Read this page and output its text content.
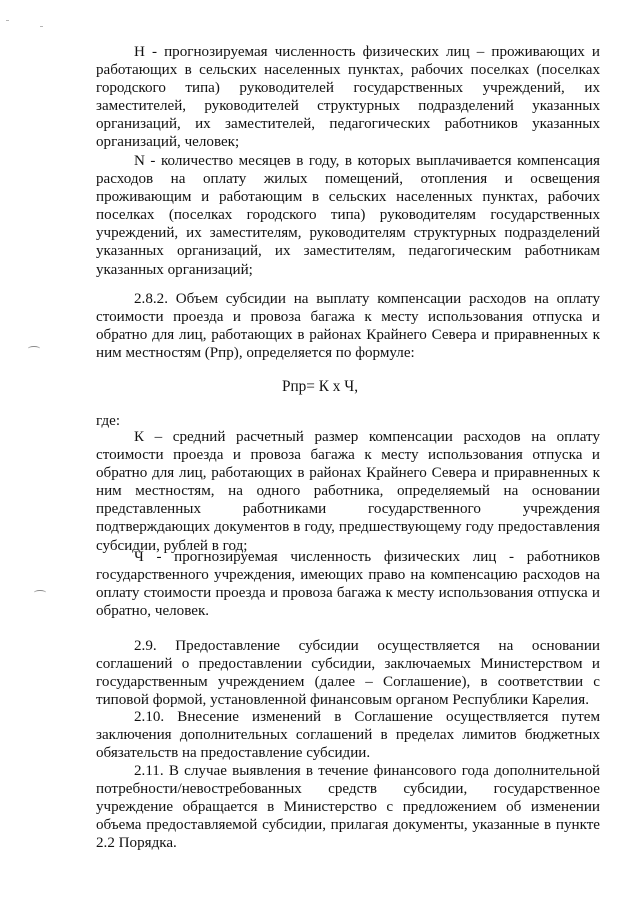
Н - прогнозируемая численность физических лиц – проживающих и работающих в сельских населенных пунктах, рабочих поселках (поселках городского типа) руководителей государственных учреждений, их заместителей, руководителей структурных подразделений указанных организаций, их заместителей, педагогических работников указанных организаций, человек;

N - количество месяцев в году, в которых выплачивается компенсация расходов на оплату жилых помещений, отопления и освещения проживающим и работающим в сельских населенных пунктах, рабочих поселках (поселках городского типа) руководителям государственных учреждений, их заместителям, руководителям структурных подразделений указанных организаций, их заместителям, педагогическим работникам указанных организаций;

2.8.2. Объем субсидии на выплату компенсации расходов на оплату стоимости проезда и провоза багажа к месту использования отпуска и обратно для лиц, работающих в районах Крайнего Севера и приравненных к ним местностям (Рпр), определяется по формуле:

Рпр= К х Ч,

где:

К – средний расчетный размер компенсации расходов на оплату стоимости проезда и провоза багажа к месту использования отпуска и обратно для лиц, работающих в районах Крайнего Севера и приравненных к ним местностям, на одного работника, определяемый на основании представленных работниками государственного учреждения подтверждающих документов в году, предшествующему году предоставления субсидии, рублей в год;

Ч - прогнозируемая численность физических лиц - работников государственного учреждения, имеющих право на компенсацию расходов на оплату стоимости проезда и провоза багажа к месту использования отпуска и обратно, человек.

2.9. Предоставление субсидии осуществляется на основании соглашений о предоставлении субсидии, заключаемых Министерством и государственным учреждением (далее – Соглашение), в соответствии с типовой формой, установленной финансовым органом Республики Карелия.

2.10. Внесение изменений в Соглашение осуществляется путем заключения дополнительных соглашений в пределах лимитов бюджетных обязательств на предоставление субсидии.

2.11. В случае выявления в течение финансового года дополнительной потребности/невостребованных средств субсидии, государственное учреждение обращается в Министерство с предложением об изменении объема предоставляемой субсидии, прилагая документы, указанные в пункте 2.2 Порядка.
